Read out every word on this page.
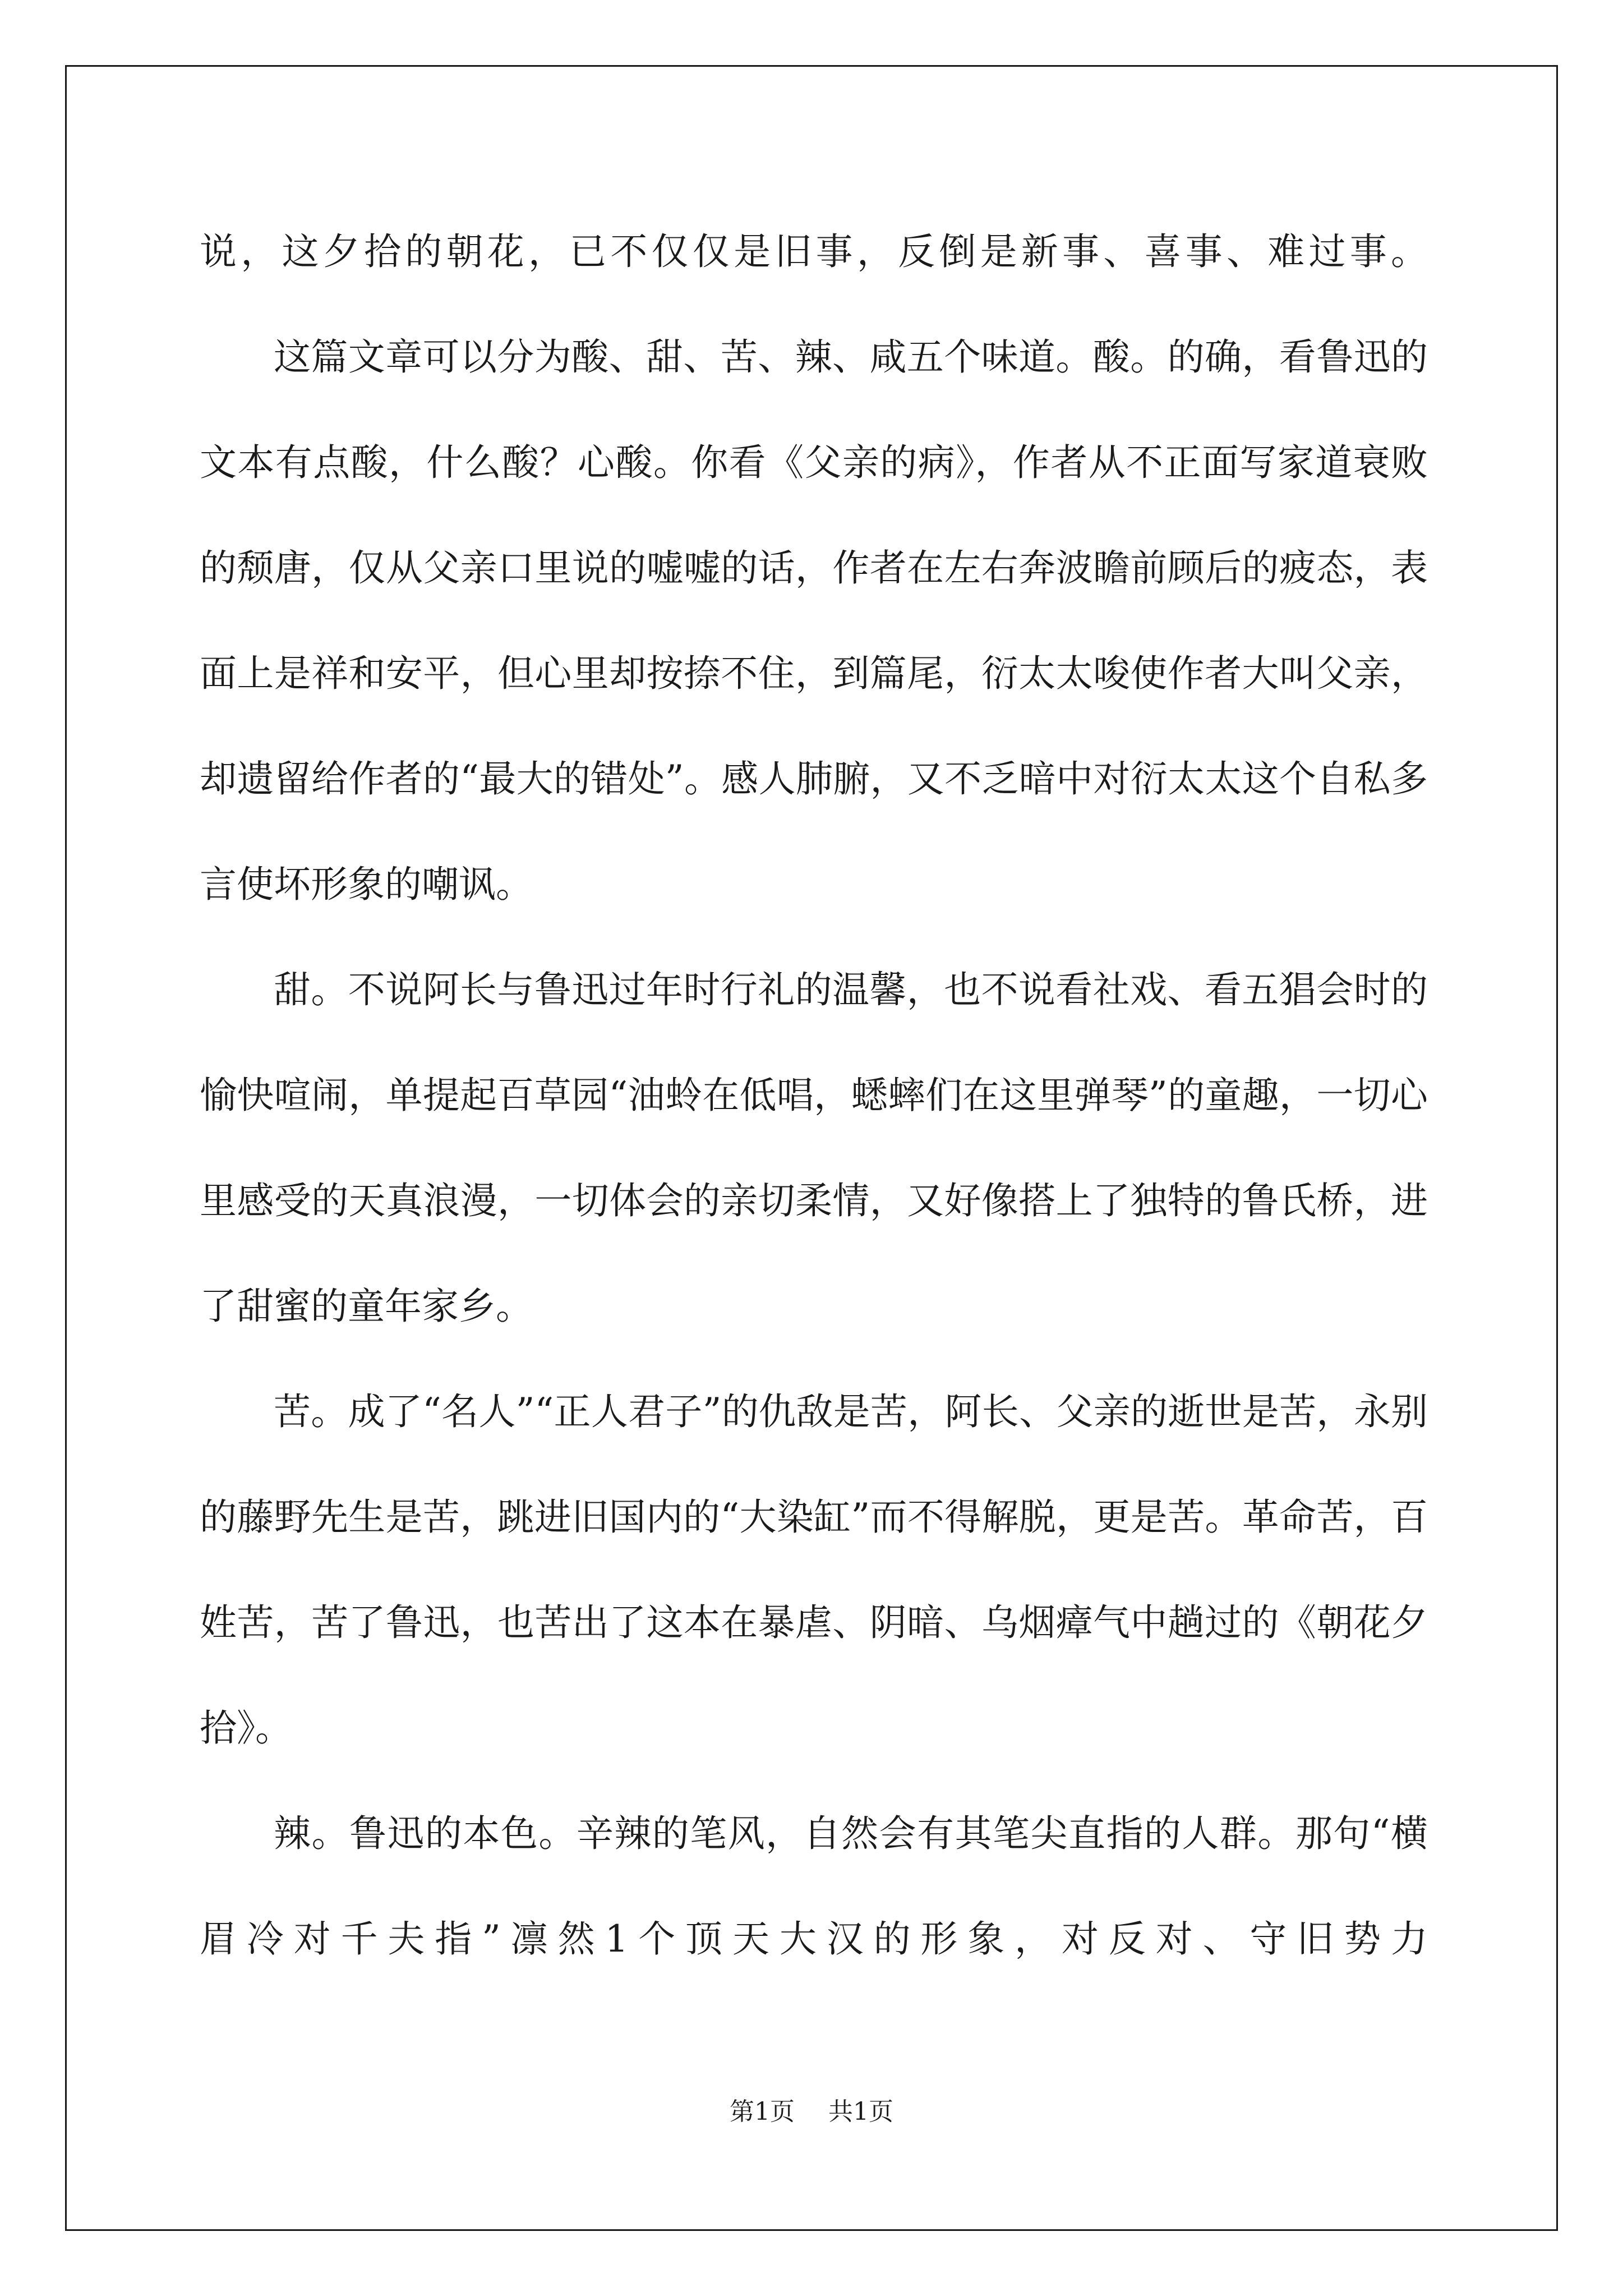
说，这夕拾的朝花，已不仅仅是旧事，反倒是新事、喜事、难过事。

这篇文章可以分为酸、甜、苦、辣、咸五个味道。酸。的确，看鲁迅的文本有点酸，什么酸？心酸。你看《父亲的病》，作者从不正面写家道衰败的颓唐，仅从父亲口里说的嘘嘘的话，作者在左右奔波瞻前顾后的疲态，表面上是祥和安平，但心里却按捺不住，到篇尾，衍太太唆使作者大叫父亲，却遗留给作者的“最大的错处”。感人肺腑，又不乏暗中对衍太太这个自私多言使坏形象的嘲讽。

甜。不说阿长与鲁迅过年时行礼的温馨，也不说看社戏、看五猖会时的愉快喧闹，单提起百草园“油蛉在低唱，蟋蟀们在这里弹琴”的童趣，一切心里感受的天真浪漫，一切体会的亲切柔情，又好像搭上了独特的鲁氏桥，进了甜蜜的童年家乡。

苦。成了“名人”“正人君子”的仇敌是苦，阿长、父亲的逝世是苦，永别的藤野先生是苦，跳进旧国内的“大染缸”而不得解脱，更是苦。革命苦，百姓苦，苦了鲁迅，也苦出了这本在暴虐、阴暗、乌烟瘴气中趟过的《朝花夕拾》。

辣。鲁迅的本色。辛辣的笔风，自然会有其笔尖直指的人群。那句“横眉冷对千夫指”凛然1个顶天大汉的形象，对反对、守旧势力

第1页 共1页
